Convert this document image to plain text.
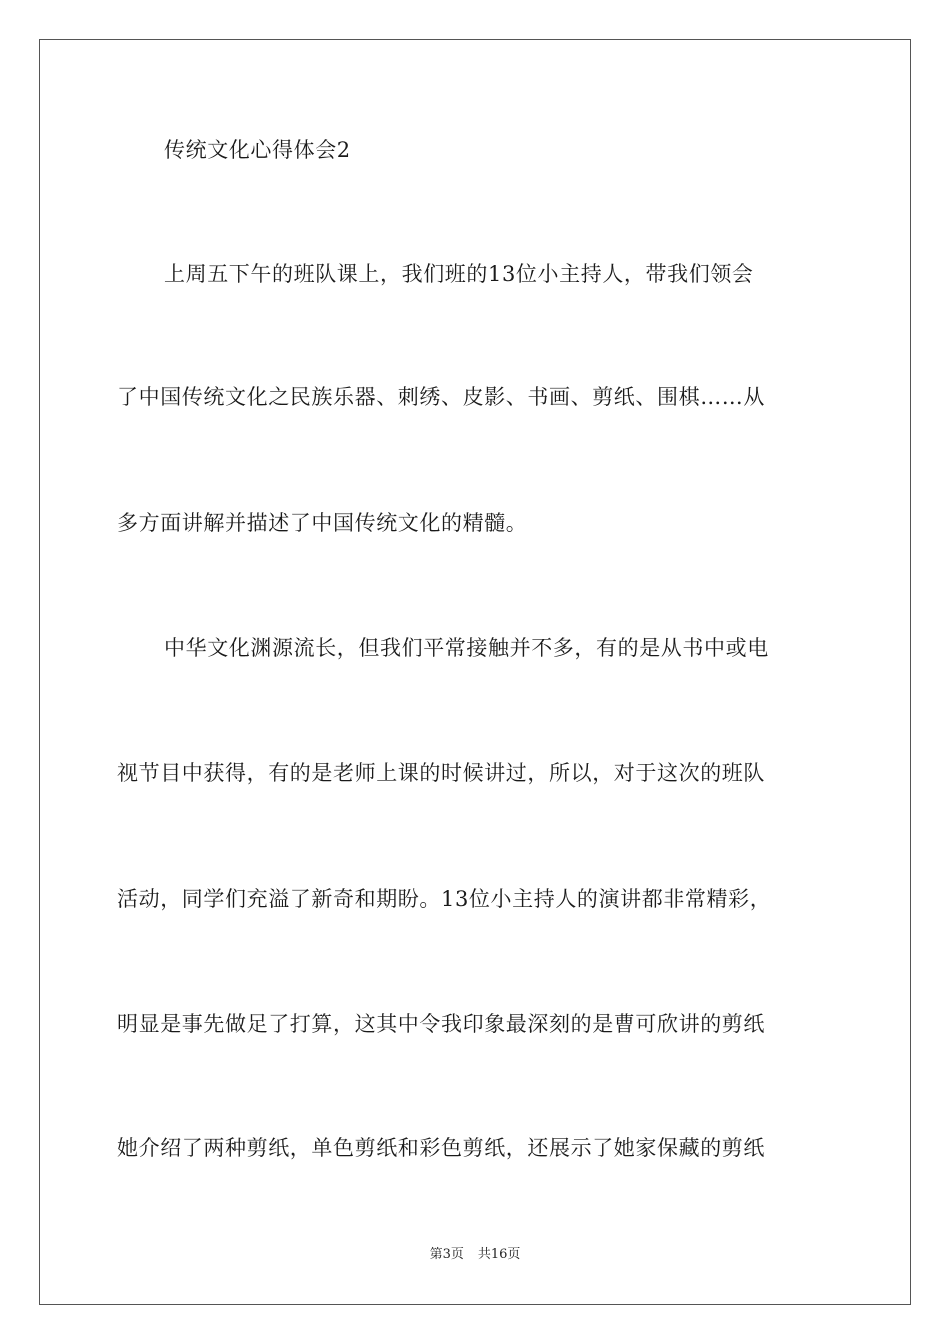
传统文化心得体会2
上周五下午的班队课上，我们班的13位小主持人，带我们领会
了中国传统文化之民族乐器、刺绣、皮影、书画、剪纸、围棋……从
多方面讲解并描述了中国传统文化的精髓。
中华文化渊源流长，但我们平常接触并不多，有的是从书中或电
视节目中获得，有的是老师上课的时候讲过，所以，对于这次的班队
活动，同学们充溢了新奇和期盼。13位小主持人的演讲都非常精彩，
明显是事先做足了打算，这其中令我印象最深刻的是曹可欣讲的剪纸
她介绍了两种剪纸，单色剪纸和彩色剪纸，还展示了她家保藏的剪纸
第3页 共16页
